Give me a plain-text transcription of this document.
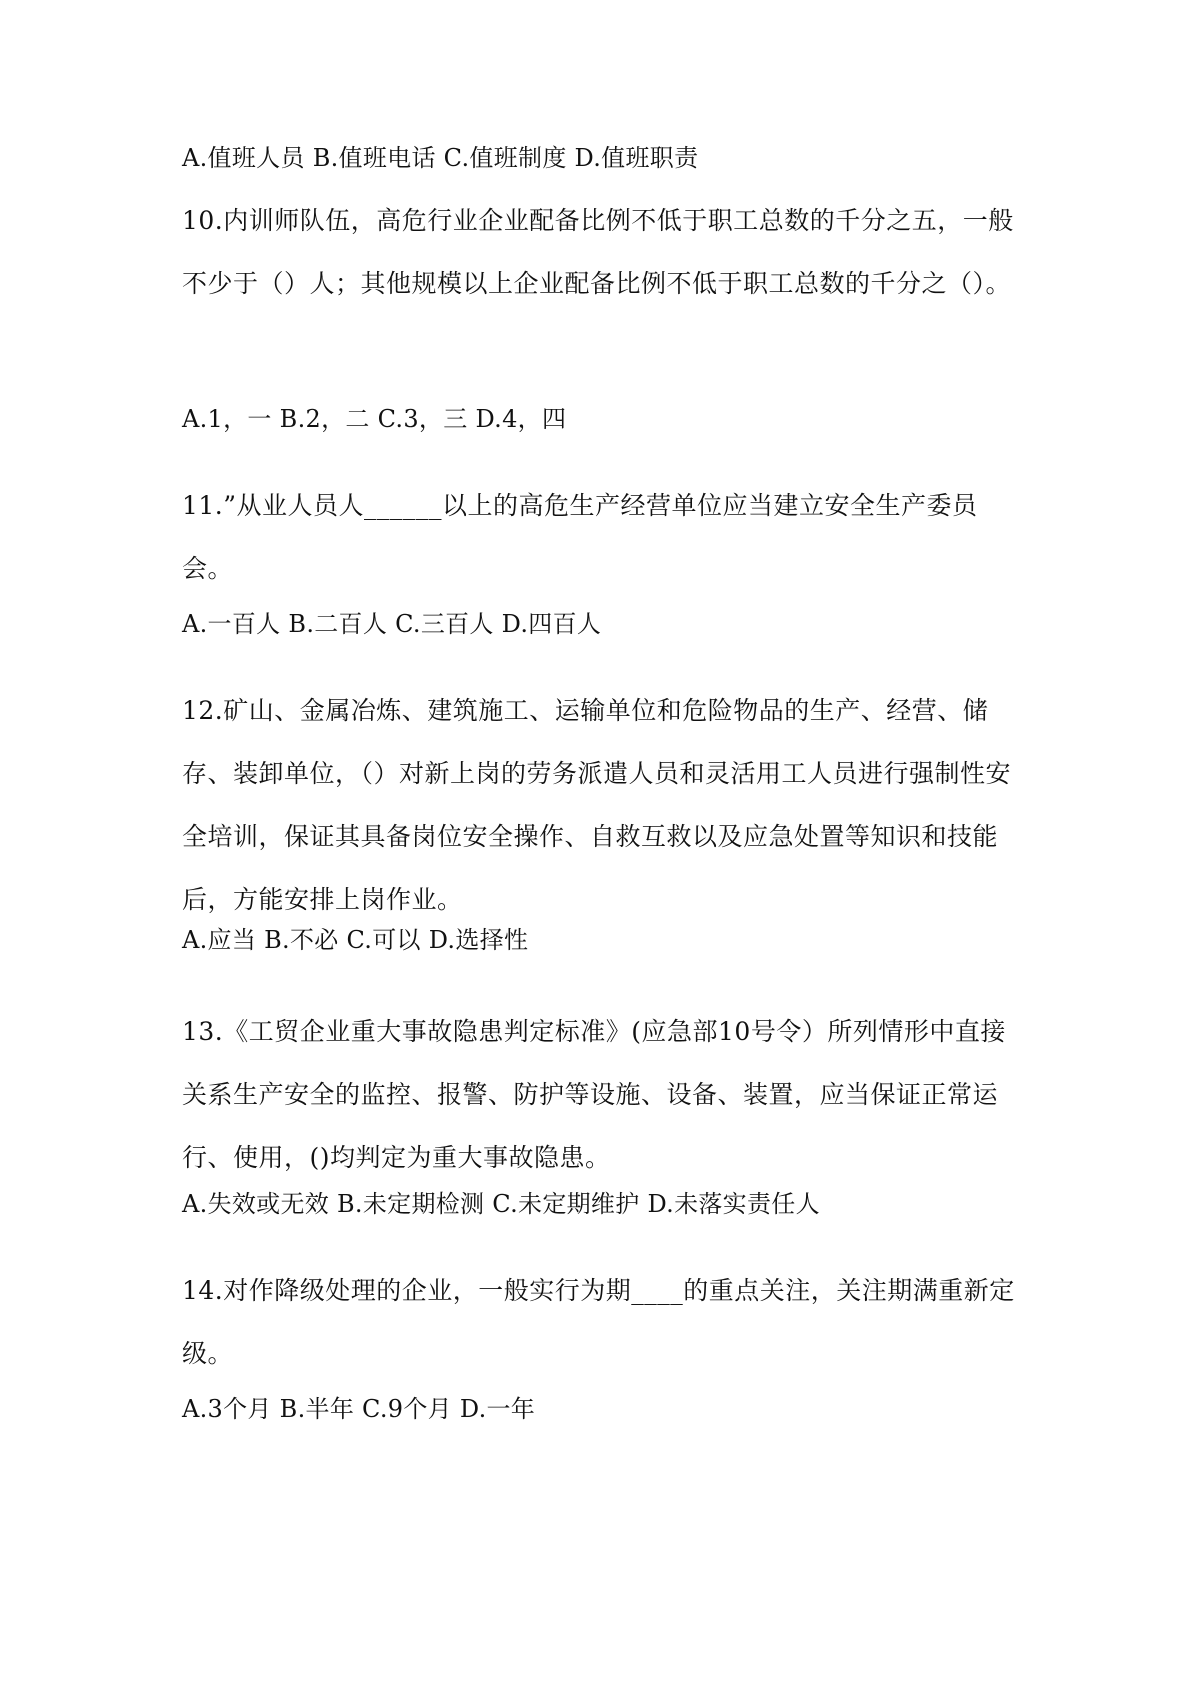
A.值班人员 B.值班电话 C.值班制度 D.值班职责

10.内训师队伍，高危行业企业配备比例不低于职工总数的千分之五，一般不少于（）人；其他规模以上企业配备比例不低于职工总数的千分之（）。

A.1，一 B.2，二 C.3，三 D.4，四

11.”从业人员人______以上的高危生产经营单位应当建立安全生产委员会。

A.一百人 B.二百人 C.三百人 D.四百人

12.矿山、金属冶炼、建筑施工、运输单位和危险物品的生产、经营、储存、装卸单位，（）对新上岗的劳务派遣人员和灵活用工人员进行强制性安全培训，保证其具备岗位安全操作、自救互救以及应急处置等知识和技能后，方能安排上岗作业。

A.应当 B.不必 C.可以 D.选择性

13.《工贸企业重大事故隐患判定标准》(应急部10号令）所列情形中直接关系生产安全的监控、报警、防护等设施、设备、装置，应当保证正常运行、使用，()均判定为重大事故隐患。

A.失效或无效 B.未定期检测 C.未定期维护 D.未落实责任人

14.对作降级处理的企业，一般实行为期____的重点关注，关注期满重新定级。

A.3个月 B.半年 C.9个月 D.一年
